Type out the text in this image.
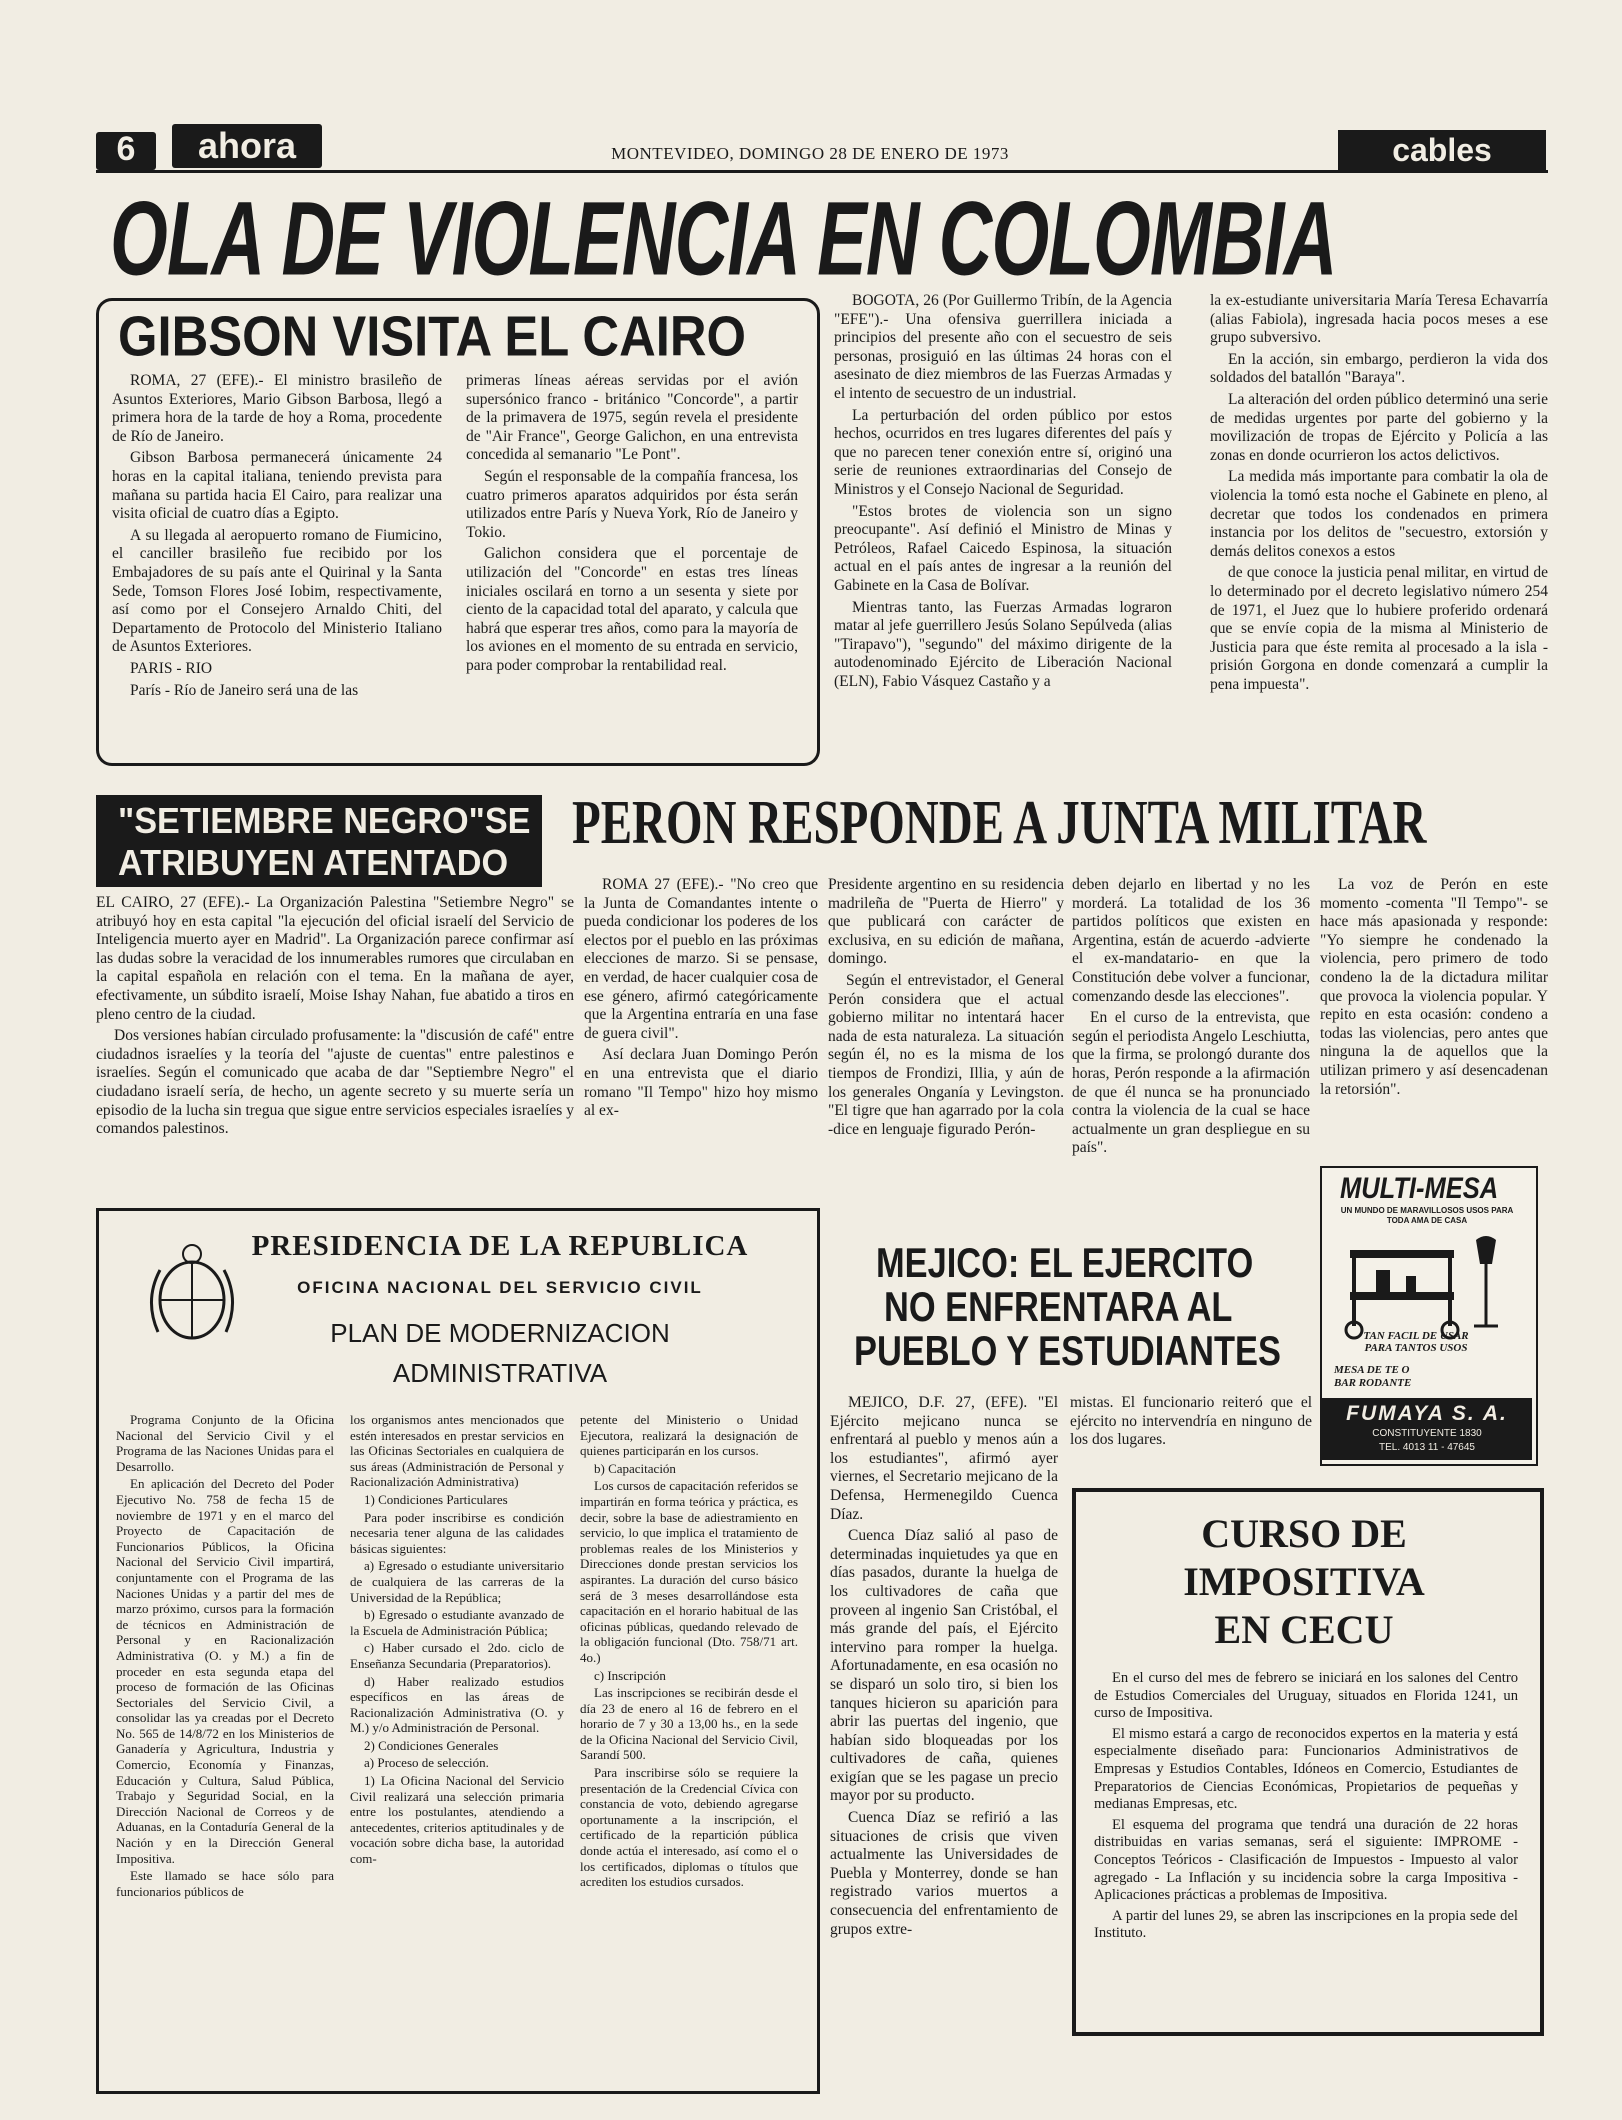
6	ahora	MONTEVIDEO, DOMINGO 28 DE ENERO DE 1973	cables
OLA DE VIOLENCIA EN COLOMBIA
GIBSON VISITA EL CAIRO

ROMA, 27 (EFE).- El ministro brasileño de Asuntos Exteriores, Mario Gibson Barbosa, llegó a primera hora de la tarde de hoy a Roma, procedente de Río de Janeiro.

Gibson Barbosa permanecerá únicamente 24 horas en la capital italiana, teniendo prevista para mañana su partida hacia El Cairo, para realizar una visita oficial de cuatro días a Egipto.

A su llegada al aeropuerto romano de Fiumicino, el canciller brasileño fue recibido por los Embajadores de su país ante el Quirinal y la Santa Sede, Tomson Flores José Iobim, respectivamente, así como por el Consejero Arnaldo Chiti, del Departamento de Protocolo del Ministerio Italiano de Asuntos Exteriores.

PARIS - RIO

París - Río de Janeiro será una de las

primeras líneas aéreas servidas por el avión supersónico franco - británico "Concorde", a partir de la primavera de 1975, según revela el presidente de "Air France", George Galichon, en una entrevista concedida al semanario "Le Pont".

Según el responsable de la compañía francesa, los cuatro primeros aparatos adquiridos por ésta serán utilizados entre París y Nueva York, Río de Janeiro y Tokio.

Galichon considera que el porcentaje de utilización del "Concorde" en estas tres líneas iniciales oscilará en torno a un sesenta y siete por ciento de la capacidad total del aparato, y calcula que habrá que esperar tres años, como para la mayoría de los aviones en el momento de su entrada en servicio, para poder comprobar la rentabilidad real.

BOGOTA, 26 (Por Guillermo Tribín, de la Agencia "EFE").- Una ofensiva guerrillera iniciada a principios del presente año con el secuestro de seis personas, prosiguió en las últimas 24 horas con el asesinato de diez miembros de las Fuerzas Armadas y el intento de secuestro de un industrial.

La perturbación del orden público por estos hechos, ocurridos en tres lugares diferentes del país y que no parecen tener conexión entre sí, originó una serie de reuniones extraordinarias del Consejo de Ministros y el Consejo Nacional de Seguridad.

"Estos brotes de violencia son un signo preocupante". Así definió el Ministro de Minas y Petróleos, Rafael Caicedo Espinosa, la situación actual en el país antes de ingresar a la reunión del Gabinete en la Casa de Bolívar.

Mientras tanto, las Fuerzas Armadas lograron matar al jefe guerrillero Jesús Solano Sepúlveda (alias "Tirapavo"), "segundo" del máximo dirigente de la autodenominado Ejército de Liberación Nacional (ELN), Fabio Vásquez Castaño y a

la ex-estudiante universitaria María Teresa Echavarría (alias Fabiola), ingresada hacia pocos meses a ese grupo subversivo.

En la acción, sin embargo, perdieron la vida dos soldados del batallón "Baraya".

La alteración del orden público determinó una serie de medidas urgentes por parte del gobierno y la movilización de tropas de Ejército y Policía a las zonas en donde ocurrieron los actos delictivos.

La medida más importante para combatir la ola de violencia la tomó esta noche el Gabinete en pleno, al decretar que todos los condenados en primera instancia por los delitos de "secuestro, extorsión y demás delitos conexos a estos

de que conoce la justicia penal militar, en virtud de lo determinado por el decreto legislativo número 254 de 1971, el Juez que lo hubiere proferido ordenará que se envíe copia de la misma al Ministerio de Justicia para que éste remita al procesado a la isla -prisión Gorgona en donde comenzará a cumplir la pena impuesta".

"SETIEMBRE NEGRO"SE
ATRIBUYEN ATENTADO

EL CAIRO, 27 (EFE).- La Organización Palestina "Setiembre Negro" se atribuyó hoy en esta capital "la ejecución del oficial israelí del Servicio de Inteligencia muerto ayer en Madrid". La Organización parece confirmar así las dudas sobre la veracidad de los innumerables rumores que circulaban en la capital española en relación con el tema. En la mañana de ayer, efectivamente, un súbdito israelí, Moise Ishay Nahan, fue abatido a tiros en pleno centro de la ciudad.

Dos versiones habían circulado profusamente: la "discusión de café" entre ciudadnos israelíes y la teoría del "ajuste de cuentas" entre palestinos e israelíes. Según el comunicado que acaba de dar "Septiembre Negro" el ciudadano israelí sería, de hecho, un agente secreto y su muerte sería un episodio de la lucha sin tregua que sigue entre servicios especiales israelíes y comandos palestinos.

PERON RESPONDE A JUNTA MILITAR

ROMA 27 (EFE).- "No creo que la Junta de Comandantes intente o pueda condicionar los poderes de los electos por el pueblo en las próximas elecciones de marzo. Si se pensase, en verdad, de hacer cualquier cosa de ese género, afirmó categóricamente que la Argentina entraría en una fase de guera civil".

Así declara Juan Domingo Perón en una entrevista que el diario romano "Il Tempo" hizo hoy mismo al ex-

Presidente argentino en su residencia madrileña de "Puerta de Hierro" y que publicará con carácter de exclusiva, en su edición de mañana, domingo.

Según el entrevistador, el General Perón considera que el actual gobierno militar no intentará hacer nada de esta naturaleza. La situación según él, no es la misma de los tiempos de Frondizi, Illia, y aún de los generales Onganía y Levingston. "El tigre que han agarrado por la cola -dice en lenguaje figurado Perón-

deben dejarlo en libertad y no les morderá. La totalidad de los 36 partidos políticos que existen en Argentina, están de acuerdo -advierte el ex-mandatario- en que la Constitución debe volver a funcionar, comenzando desde las elecciones".

En el curso de la entrevista, que según el periodista Angelo Leschiutta, que la firma, se prolongó durante dos horas, Perón responde a la afirmación de que él nunca se ha pronunciado contra la violencia de la cual se hace actualmente un gran despliegue en su país".

La voz de Perón en este momento -comenta "Il Tempo"- se hace más apasionada y responde: "Yo siempre he condenado la violencia, pero primero de todo condeno la de la dictadura militar que provoca la violencia popular. Y repito en esta ocasión: condeno a todas las violencias, pero antes que ninguna la de aquellos que la utilizan primero y así desencadenan la retorsión".

PRESIDENCIA DE LA REPUBLICA
OFICINA NACIONAL DEL SERVICIO CIVIL
PLAN DE MODERNIZACION
ADMINISTRATIVA

Programa Conjunto de la Oficina Nacional del Servicio Civil y el Programa de las Naciones Unidas para el Desarrollo.

En aplicación del Decreto del Poder Ejecutivo No. 758 de fecha 15 de noviembre de 1971 y en el marco del Proyecto de Capacitación de Funcionarios Públicos, la Oficina Nacional del Servicio Civil impartirá, conjuntamente con el Programa de las Naciones Unidas y a partir del mes de marzo próximo, cursos para la formación de técnicos en Administración de Personal y en Racionalización Administrativa (O. y M.) a fin de proceder en esta segunda etapa del proceso de formación de las Oficinas Sectoriales del Servicio Civil, a consolidar las ya creadas por el Decreto No. 565 de 14/8/72 en los Ministerios de Ganadería y Agricultura, Industria y Comercio, Economía y Finanzas, Educación y Cultura, Salud Pública, Trabajo y Seguridad Social, en la Dirección Nacional de Correos y de Aduanas, en la Contaduría General de la Nación y en la Dirección General Impositiva.

Este llamado se hace sólo para funcionarios públicos de

los organismos antes mencionados que estén interesados en prestar servicios en las Oficinas Sectoriales en cualquiera de sus áreas (Administración de Personal y Racionalización Administrativa)

1) Condiciones Particulares

Para poder inscribirse es condición necesaria tener alguna de las calidades básicas siguientes:

a) Egresado o estudiante universitario de cualquiera de las carreras de la Universidad de la República;

b) Egresado o estudiante avanzado de la Escuela de Administración Pública;

c) Haber cursado el 2do. ciclo de Enseñanza Secundaria (Preparatorios).

d) Haber realizado estudios específicos en las áreas de Racionalización Administrativa (O. y M.) y/o Administración de Personal.

2) Condiciones Generales

a) Proceso de selección.

1) La Oficina Nacional del Servicio Civil realizará una selección primaria entre los postulantes, atendiendo a antecedentes, criterios aptitudinales y de vocación sobre dicha base, la autoridad com-

petente del Ministerio o Unidad Ejecutora, realizará la designación de quienes participarán en los cursos.

b) Capacitación

Los cursos de capacitación referidos se impartirán en forma teórica y práctica, es decir, sobre la base de adiestramiento en servicio, lo que implica el tratamiento de problemas reales de los Ministerios y Direcciones donde prestan servicios los aspirantes. La duración del curso básico será de 3 meses desarrollándose esta capacitación en el horario habitual de las oficinas públicas, quedando relevado de la obligación funcional (Dto. 758/71 art. 4o.)

c) Inscripción

Las inscripciones se recibirán desde el día 23 de enero al 16 de febrero en el horario de 7 y 30 a 13,00 hs., en la sede de la Oficina Nacional del Servicio Civil, Sarandí 500.

Para inscribirse sólo se requiere la presentación de la Credencial Cívica con constancia de voto, debiendo agregarse oportunamente a la inscripción, el certificado de la repartición pública donde actúa el interesado, así como el o los certificados, diplomas o títulos que acrediten los estudios cursados.

MEJICO: EL EJERCITO
NO ENFRENTARA AL
PUEBLO Y ESTUDIANTES

MEJICO, D.F. 27, (EFE). "El Ejército mejicano nunca se enfrentará al pueblo y menos aún a los estudiantes", afirmó ayer viernes, el Secretario mejicano de la Defensa, Hermenegildo Cuenca Díaz.

Cuenca Díaz salió al paso de determinadas inquietudes ya que en días pasados, durante la huelga de los cultivadores de caña que proveen al ingenio San Cristóbal, el más grande del país, el Ejército intervino para romper la huelga. Afortunadamente, en esa ocasión no se disparó un solo tiro, si bien los tanques hicieron su aparición para abrir las puertas del ingenio, que habían sido bloqueadas por los cultivadores de caña, quienes exigían que se les pagase un precio mayor por su producto.

Cuenca Díaz se refirió a las situaciones de crisis que viven actualmente las Universidades de Puebla y Monterrey, donde se han registrado varios muertos a consecuencia del enfrentamiento de grupos extre-

mistas. El funcionario reiteró que el ejército no intervendría en ninguno de los dos lugares.

MULTI-MESA
UN MUNDO DE MARAVILLOSOS USOS PARA TODA AMA DE CASA
TAN FACIL DE USAR PARA TANTOS USOS
MESA DE TE O BAR RODANTE
FUMAYA S. A.
CONSTITUYENTE 1830
TEL. 4013 11 - 47645
CURSO DE
IMPOSITIVA
EN CECU

En el curso del mes de febrero se iniciará en los salones del Centro de Estudios Comerciales del Uruguay, situados en Florida 1241, un curso de Impositiva.

El mismo estará a cargo de reconocidos expertos en la materia y está especialmente diseñado para: Funcionarios Administrativos de Empresas y Estudios Contables, Idóneos en Comercio, Estudiantes de Preparatorios de Ciencias Económicas, Propietarios de pequeñas y medianas Empresas, etc.

El esquema del programa que tendrá una duración de 22 horas distribuidas en varias semanas, será el siguiente: IMPROME - Conceptos Teóricos - Clasificación de Impuestos - Impuesto al valor agregado - La Inflación y su incidencia sobre la carga Impositiva - Aplicaciones prácticas a problemas de Impositiva.

A partir del lunes 29, se abren las inscripciones en la propia sede del Instituto.
